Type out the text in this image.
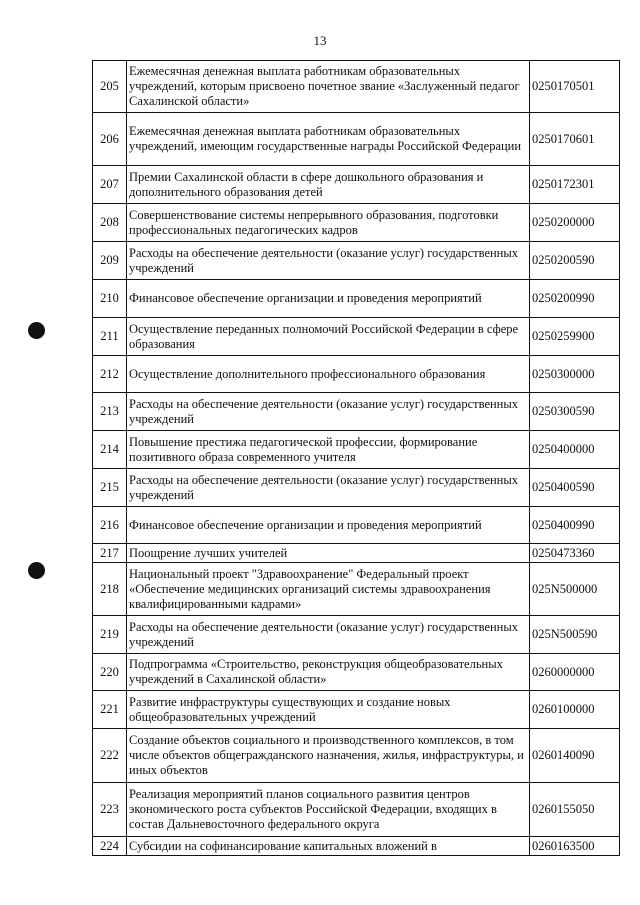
13
205	Ежемесячная денежная выплата работникам образовательных учреждений, которым присвоено почетное звание «Заслуженный педагог Сахалинской области»	0250170501
206	Ежемесячная денежная выплата работникам образовательных учреждений, имеющим государственные награды Российской Федерации	0250170601
207	Премии Сахалинской области в сфере дошкольного образования и дополнительного образования детей	0250172301
208	Совершенствование системы непрерывного образования, подготовки профессиональных педагогических кадров	0250200000
209	Расходы на обеспечение деятельности (оказание услуг) государственных учреждений	0250200590
210	Финансовое обеспечение организации и проведения мероприятий	0250200990
211	Осуществление переданных полномочий Российской Федерации в сфере образования	0250259900
212	Осуществление дополнительного профессионального образования	0250300000
213	Расходы на обеспечение деятельности (оказание услуг) государственных учреждений	0250300590
214	Повышение престижа педагогической профессии, формирование позитивного образа современного учителя	0250400000
215	Расходы на обеспечение деятельности (оказание услуг) государственных учреждений	0250400590
216	Финансовое обеспечение организации и проведения мероприятий	0250400990
217	Поощрение лучших учителей	0250473360
218	Национальный проект "Здравоохранение" Федеральный проект «Обеспечение медицинских организаций системы здравоохранения квалифицированными кадрами»	025N500000
219	Расходы на обеспечение деятельности (оказание услуг) государственных учреждений	025N500590
220	Подпрограмма «Строительство, реконструкция общеобразовательных учреждений в Сахалинской области»	0260000000
221	Развитие инфраструктуры существующих и создание новых общеобразовательных учреждений	0260100000
222	Создание объектов социального и производственного комплексов, в том числе объектов общегражданского назначения, жилья, инфраструктуры, и иных объектов	0260140090
223	Реализация мероприятий планов социального развития центров экономического роста субъектов Российской Федерации, входящих в состав Дальневосточного федерального округа	0260155050
224	Субсидии на софинансирование капитальных вложений в	0260163500
